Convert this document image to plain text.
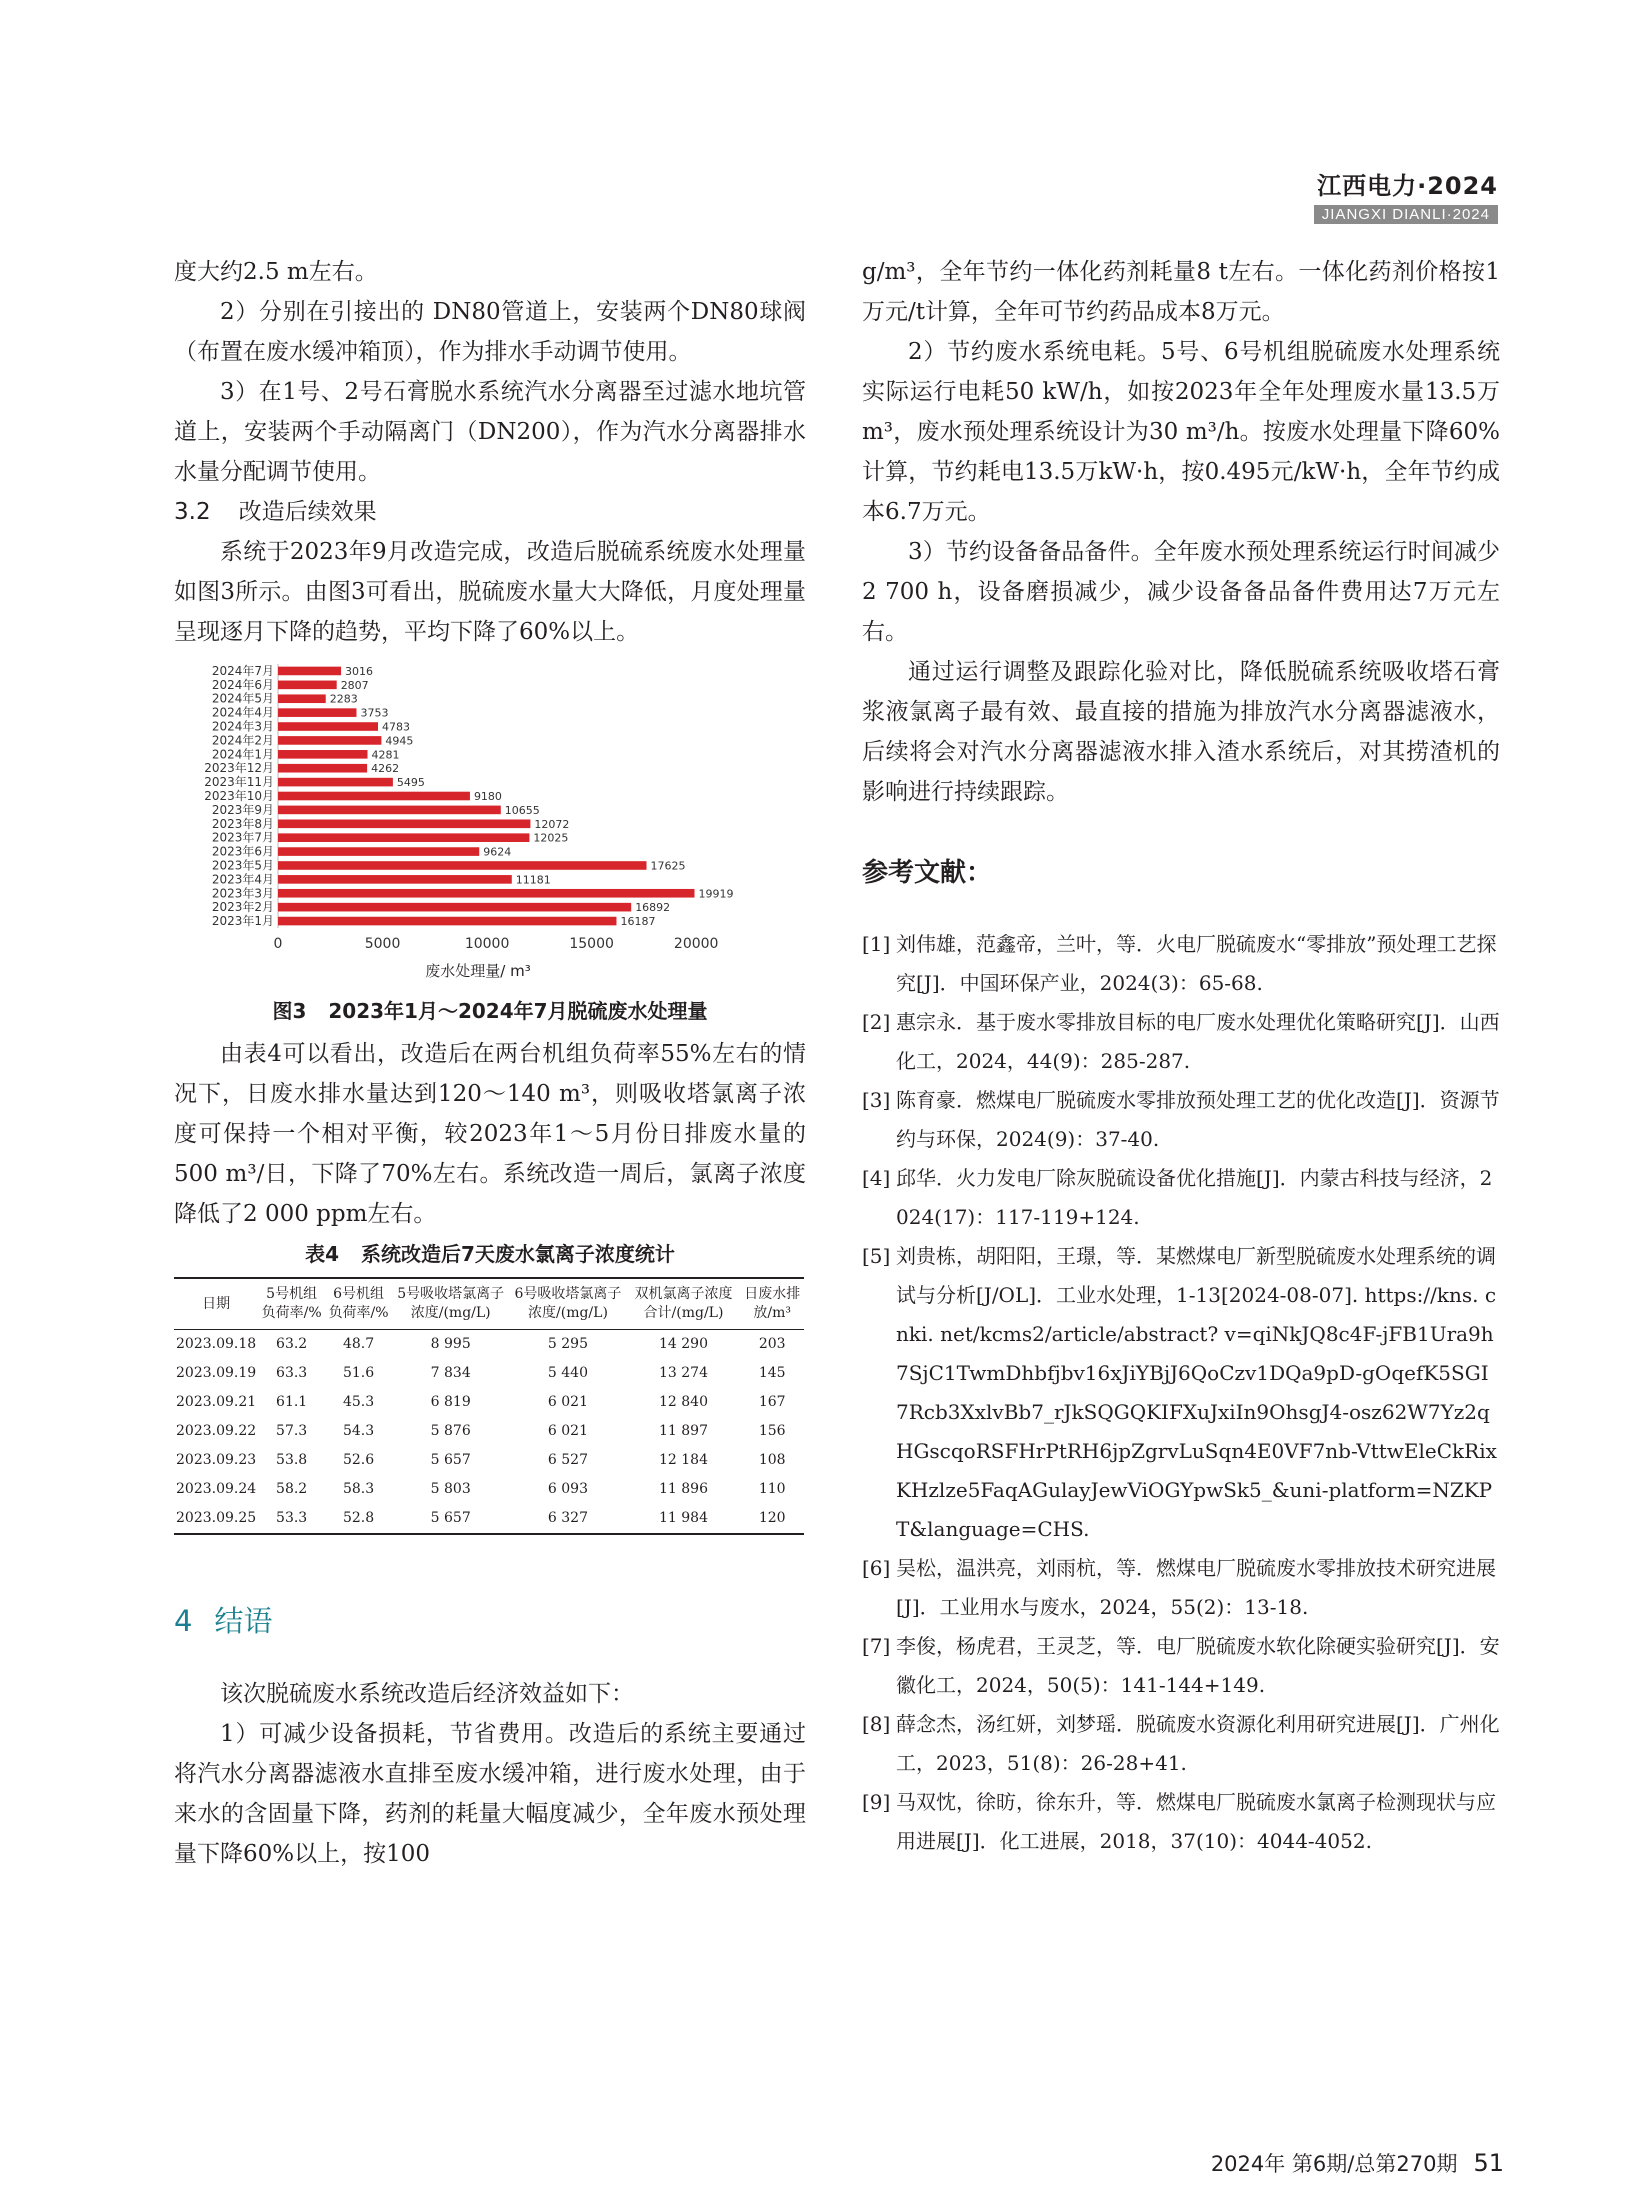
江西电力·2024
JIANGXI DIANLI·2024

度大约2.5 m左右。

2）分别在引接出的 DN80管道上，安装两个DN80球阀（布置在废水缓冲箱顶），作为排水手动调节使用。

3）在1号、2号石膏脱水系统汽水分离器至过滤水地坑管道上，安装两个手动隔离门（DN200），作为汽水分离器排水水量分配调节使用。

3.2 改造后续效果

系统于2023年9月改造完成，改造后脱硫系统废水处理量如图3所示。由图3可看出，脱硫废水量大大降低，月度处理量呈现逐月下降的趋势，平均下降了60%以上。

2024年7月	3016
2024年6月	2807
2024年5月	2283
2024年4月	3753
2024年3月	4783
2024年2月	4945
2024年1月	4281
2023年12月	4262
2023年11月	5495
2023年10月	9180
2023年9月	10655
2023年8月	12072
2023年7月	12025
2023年6月	9624
2023年5月	17625
2023年4月	11181
2023年3月	19919
2023年2月	16892
2023年1月	16187
0	5000	10000	15000	20000
废水处理量/ m³
图3 2023年1月～2024年7月脱硫废水处理量

由表4可以看出，改造后在两台机组负荷率55%左右的情况下，日废水排水量达到120～140 m³，则吸收塔氯离子浓度可保持一个相对平衡，较2023年1～5月份日排废水量的500 m³/日，下降了70%左右。系统改造一周后，氯离子浓度降低了2 000 ppm左右。

表4 系统改造后7天废水氯离子浓度统计
日期	5号机组负荷率/%	6号机组负荷率/%	5号吸收塔氯离子浓度/(mg/L)	6号吸收塔氯离子浓度/(mg/L)	双机氯离子浓度合计/(mg/L)	日废水排放/m³
2023.09.18	63.2	48.7	8 995	5 295	14 290	203
2023.09.19	63.3	51.6	7 834	5 440	13 274	145
2023.09.21	61.1	45.3	6 819	6 021	12 840	167
2023.09.22	57.3	54.3	5 876	6 021	11 897	156
2023.09.23	53.8	52.6	5 657	6 527	12 184	108
2023.09.24	58.2	58.3	5 803	6 093	11 896	110
2023.09.25	53.3	52.8	5 657	6 327	11 984	120
4 结语

该次脱硫废水系统改造后经济效益如下：

1）可减少设备损耗，节省费用。改造后的系统主要通过将汽水分离器滤液水直排至废水缓冲箱，进行废水处理，由于来水的含固量下降，药剂的耗量大幅度减少，全年废水预处理量下降60%以上，按100

g/m³，全年节约一体化药剂耗量8 t左右。一体化药剂价格按1万元/t计算，全年可节约药品成本8万元。

2）节约废水系统电耗。5号、6号机组脱硫废水处理系统实际运行电耗50 kW/h，如按2023年全年处理废水量13.5万m³，废水预处理系统设计为30 m³/h。按废水处理量下降60%计算，节约耗电13.5万kW·h，按0.495元/kW·h，全年节约成本6.7万元。

3）节约设备备品备件。全年废水预处理系统运行时间减少2 700 h，设备磨损减少，减少设备备品备件费用达7万元左右。

通过运行调整及跟踪化验对比，降低脱硫系统吸收塔石膏浆液氯离子最有效、最直接的措施为排放汽水分离器滤液水，后续将会对汽水分离器滤液水排入渣水系统后，对其捞渣机的影响进行持续跟踪。

参考文献：
[1] 刘伟雄，范鑫帝，兰叶，等．火电厂脱硫废水“零排放”预处理工艺探究[J]．中国环保产业，2024(3)：65-68.
[2] 惠宗永．基于废水零排放目标的电厂废水处理优化策略研究[J]．山西化工，2024，44(9)：285-287.
[3] 陈育豪．燃煤电厂脱硫废水零排放预处理工艺的优化改造[J]．资源节约与环保，2024(9)：37-40.
[4] 邱华．火力发电厂除灰脱硫设备优化措施[J]．内蒙古科技与经济，2024(17)：117-119+124.
[5] 刘贵栋，胡阳阳，王璟，等．某燃煤电厂新型脱硫废水处理系统的调试与分析[J/OL]．工业水处理，1-13[2024-08-07]. https://kns. cnki. net/kcms2/article/abstract? v=qiNkJQ8c4F-jFB1Ura9h7SjC1TwmDhbfjbv16xJiYBjJ6QoCzv1DQa9pD-gOqefK5SGI7Rcb3XxlvBb7_rJkSQGQKIFXuJxiIn9OhsgJ4-osz62W7Yz2qHGscqoRSFHrPtRH6jpZgrvLuSqn4E0VF7nb-VttwEleCkRixKHzlze5FaqAGulayJewViOGYpwSk5_&uni-platform=NZKPT&language=CHS.
[6] 吴松，温洪亮，刘雨杭，等．燃煤电厂脱硫废水零排放技术研究进展[J]．工业用水与废水，2024，55(2)：13-18.
[7] 李俊，杨虎君，王灵芝，等．电厂脱硫废水软化除硬实验研究[J]．安徽化工，2024，50(5)：141-144+149.
[8] 薛念杰，汤红妍，刘梦瑶．脱硫废水资源化利用研究进展[J]．广州化工，2023，51(8)：26-28+41.
[9] 马双忱，徐昉，徐东升，等．燃煤电厂脱硫废水氯离子检测现状与应用进展[J]．化工进展，2018，37(10)：4044-4052.
2024年 第6期/总第270期 51
